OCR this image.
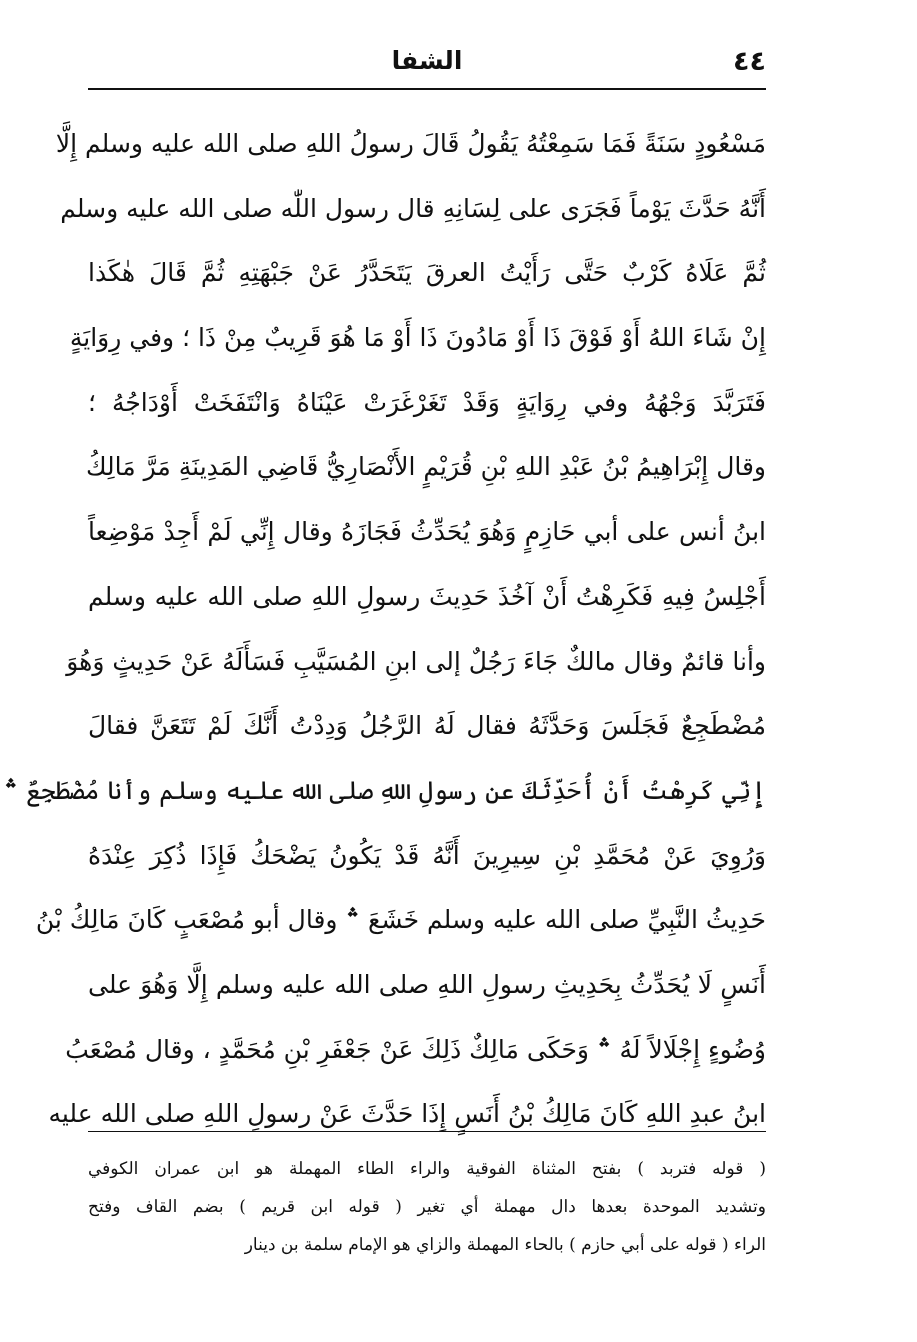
٤٤
الشفا
مَسْعُودٍ سَنَةً فَمَا سَمِعْتُهُ يَقُولُ قَالَ رسولُ اللهِ صلى الله عليه وسلم إِلَّا
أَنَّهُ حَدَّثَ يَوْماً فَجَرَى على لِسَانِهِ قال رسول اللّٰه صلى الله عليه وسلم
ثُمَّ عَلَاهُ كَرْبٌ حَتَّى رَأَيْتُ العرقَ يَتَحَدَّرُ عَنْ جَبْهَتِهِ ثُمَّ قَالَ هٰكَذا
إِنْ شَاءَ اللهُ أَوْ فَوْقَ ذَا أَوْ مَادُونَ ذَا أَوْ مَا هُوَ قَرِيبٌ مِنْ ذَا ؛ وفي رِوَايَةٍ
فَتَرَبَّدَ وَجْهُهُ وفي رِوَايَةٍ وَقَدْ تَغَرْغَرَتْ عَيْنَاهُ وَانْتَفَخَتْ أَوْدَاجُهُ ؛
وقال إِبْرَاهِيمُ بْنُ عَبْدِ اللهِ بْنِ قُرَيْمٍ الأَنْصَارِيُّ قَاضِي المَدِينَةِ مَرَّ مَالِكُ
ابنُ أنس على أبي حَازِمٍ وَهُوَ يُحَدِّثُ فَجَازَهُ وقال إِنِّي لَمْ أَجِدْ مَوْضِعاً
أَجْلِسُ فِيهِ فَكَرِهْتُ أَنْ آخُذَ حَدِيثَ رسولِ اللهِ صلى الله عليه وسلم
وأنا قائمٌ وقال مالكٌ جَاءَ رَجُلٌ إلى ابنِ المُسَيَّبِ فَسَأَلَهُ عَنْ حَدِيثٍ وَهُوَ
مُضْطَجِعٌ فَجَلَسَ وَحَدَّثَهُ فقال لَهُ الرَّجُلُ وَدِدْتُ أَنَّكَ لَمْ تَتَعَنَّ فقالَ
إِنِّي كَرِهْتُ أَنْ أُحَدِّثَكَ عن رسولِ اللهِ صلى الله عليه وسلم وأنا مُضْطَجِعٌ ؞
وَرُوِيَ عَنْ مُحَمَّدِ بْنِ سِيرِينَ أَنَّهُ قَدْ يَكُونُ يَضْحَكُ فَإِذَا ذُكِرَ عِنْدَهُ
حَدِيثُ النَّبِيِّ صلى الله عليه وسلم خَشَعَ ؞ وقال أبو مُصْعَبٍ كَانَ مَالِكُ بْنُ
أَنَسٍ لَا يُحَدِّثُ بِحَدِيثِ رسولِ اللهِ صلى الله عليه وسلم إِلَّا وَهُوَ على
وُضُوءٍ إِجْلَالاً لَهُ ؞ وَحَكَى مَالِكٌ ذَلِكَ عَنْ جَعْفَرِ بْنِ مُحَمَّدٍ ، وقال مُصْعَبُ
ابنُ عبدِ اللهِ كَانَ مَالِكُ بْنُ أَنَسٍ إِذَا حَدَّثَ عَنْ رسولِ اللهِ صلى الله عليه
( قوله فتربد ) بفتح المثناة الفوقية والراء الطاء المهملة هو ابن عمران الكوفي
وتشديد الموحدة بعدها دال مهملة أي تغير ( قوله ابن قريم ) بضم القاف وفتح
الراء ( قوله على أبي حازم ) بالحاء المهملة والزاي هو الإمام سلمة بن دينار
